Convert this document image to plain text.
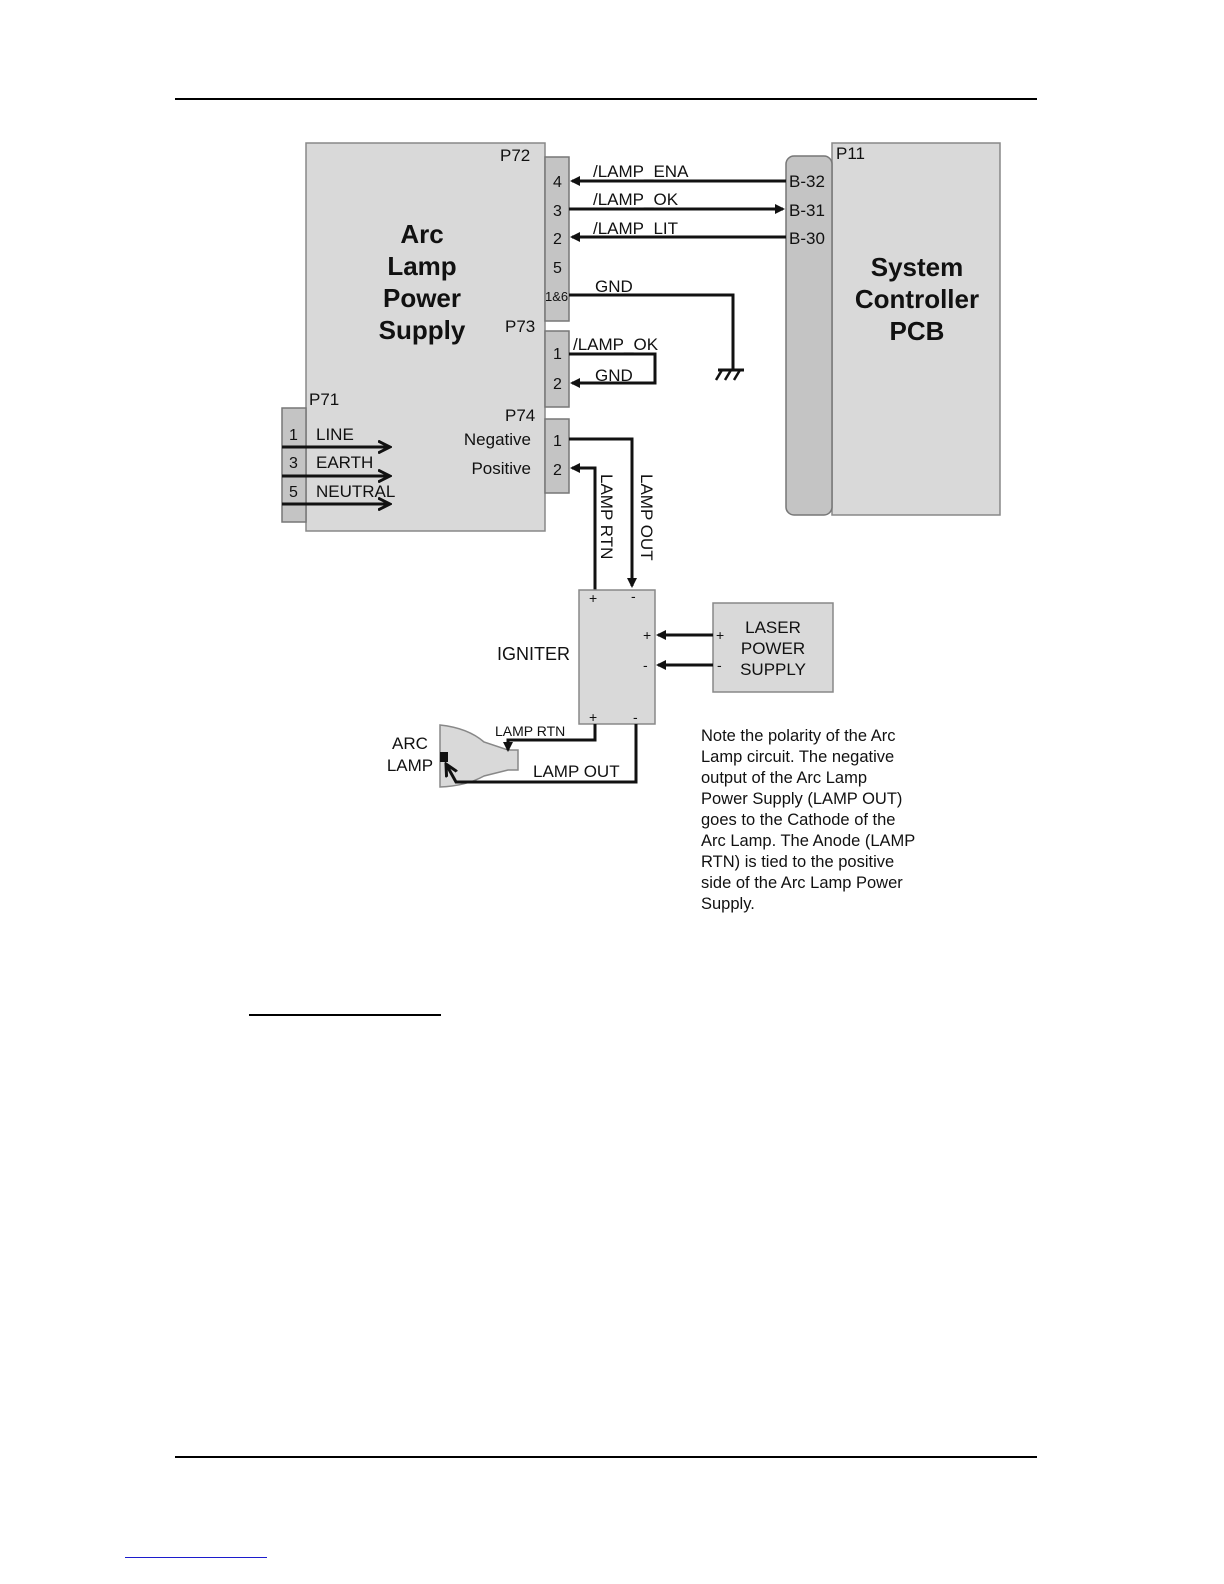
Arc
Lamp
Power
Supply
P72
4
3
2
5
1&6
P73
1
2
P74
1
2
Negative
Positive
P71
1
3
5
LINE
EARTH
NEUTRAL
P11
B-32
B-31
B-30
System
Controller
PCB
/LAMP_ENA
/LAMP_OK
/LAMP_LIT
GND
/LAMP_OK
GND
LAMP RTN LAMP OUT
IGNITER
+ -
+
-
+	-
LASER
POWER
SUPPLY
+
-
ARC
LAMP
LAMP RTN
LAMP OUT
Note the polarity of the Arc
Lamp circuit. The negative
output of the Arc Lamp
Power Supply (LAMP OUT)
goes to the Cathode of the
Arc Lamp. The Anode (LAMP
RTN) is tied to the positive
side of the Arc Lamp Power
Supply.
